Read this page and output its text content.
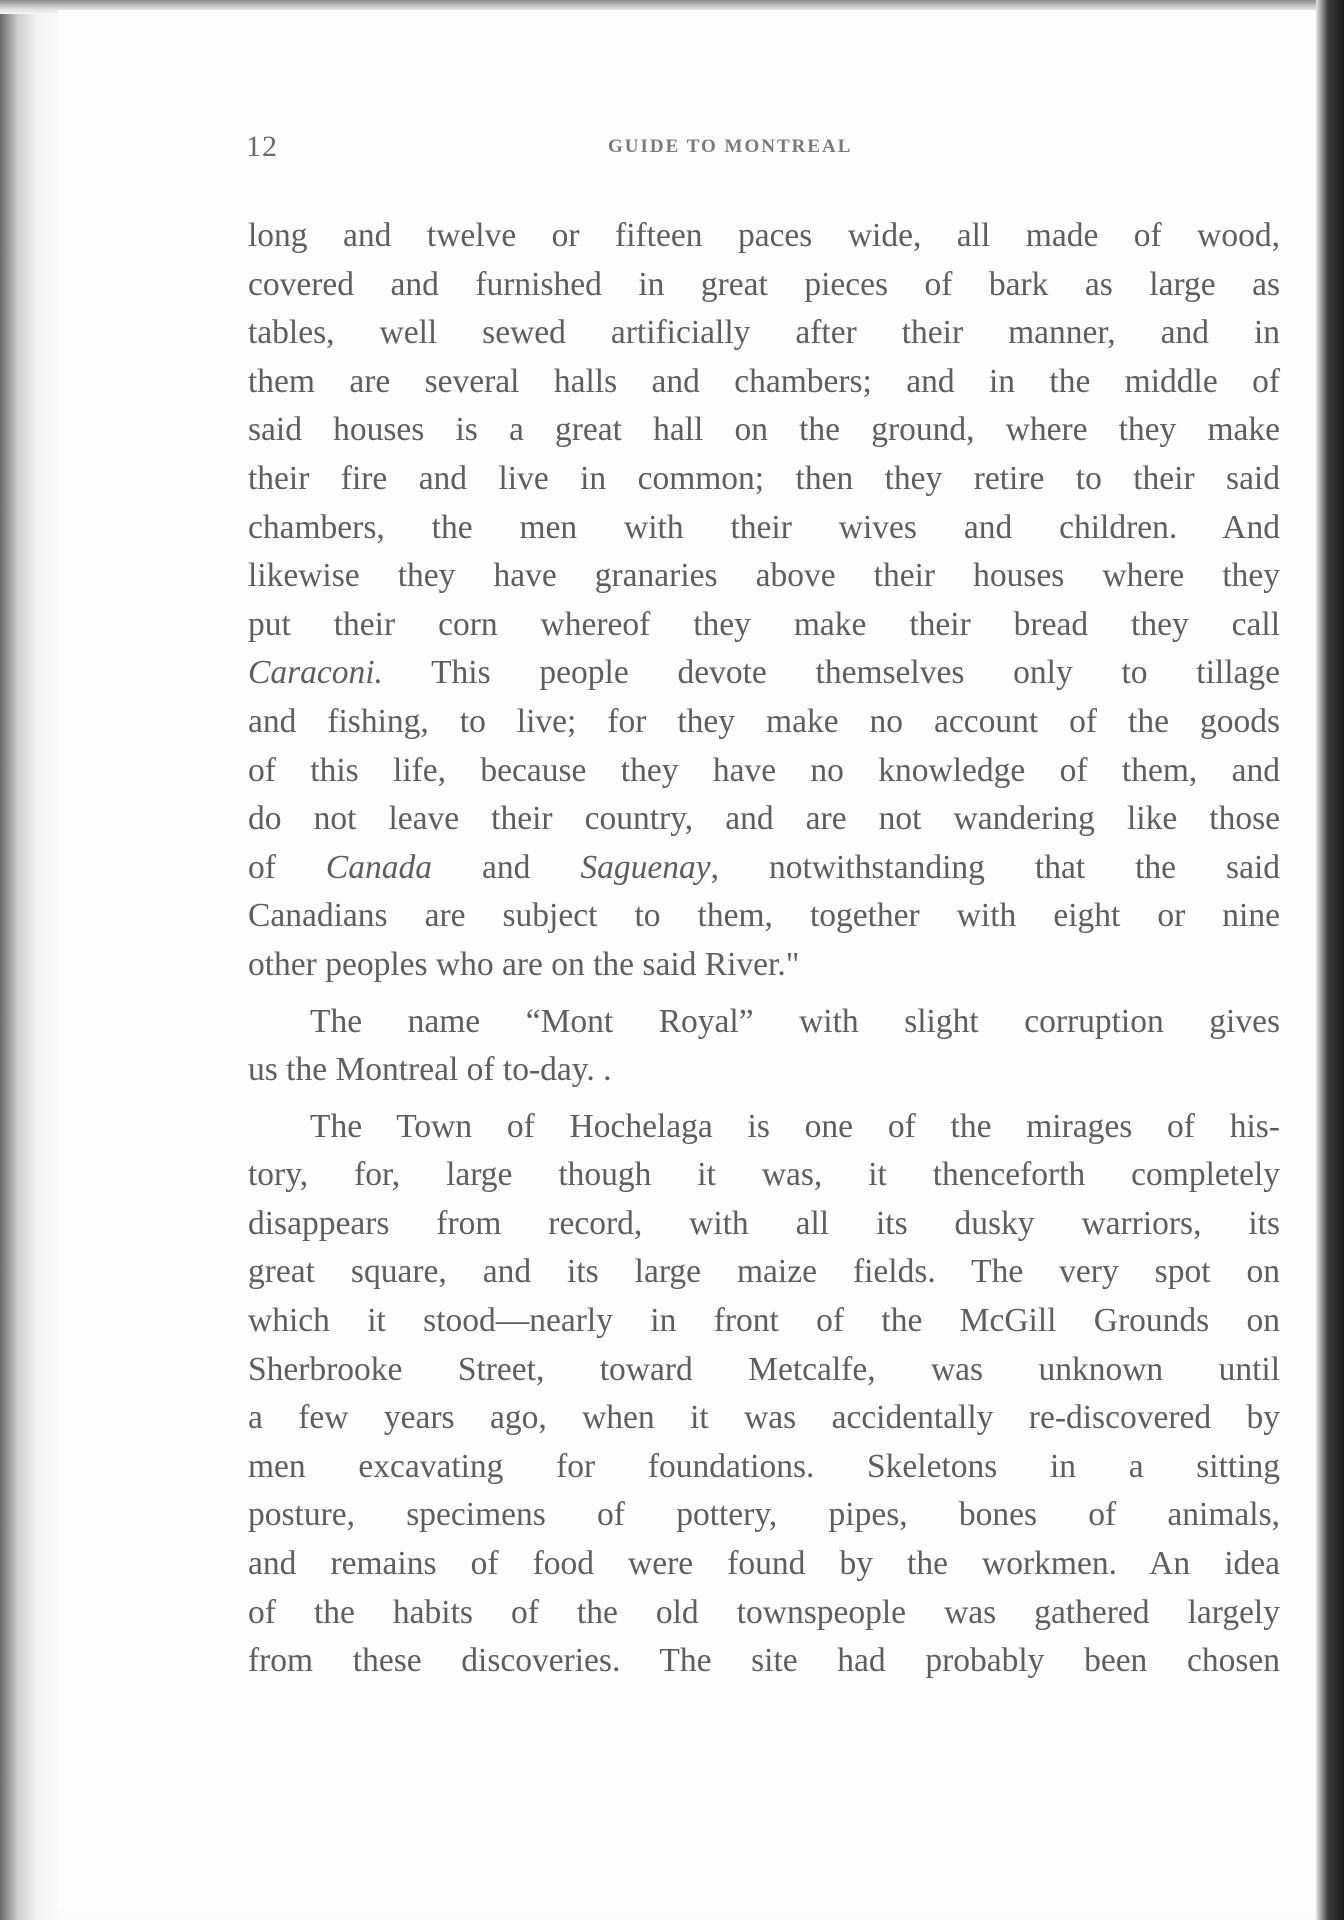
12	GUIDE TO MONTREAL
long and twelve or fifteen paces wide, all made of wood,
covered and furnished in great pieces of bark as large as
tables, well sewed artificially after their manner, and in
them are several halls and chambers; and in the middle of
said houses is a great hall on the ground, where they make
their fire and live in common; then they retire to their said
chambers, the men with their wives and children. And
likewise they have granaries above their houses where they
put their corn whereof they make their bread they call
Caraconi. This people devote themselves only to tillage
and fishing, to live; for they make no account of the goods
of this life, because they have no knowledge of them, and
do not leave their country, and are not wandering like those
of Canada and Saguenay, notwithstanding that the said
Canadians are subject to them, together with eight or nine
other peoples who are on the said River."
The name “Mont Royal” with slight corruption gives
us the Montreal of to-day. .
The Town of Hochelaga is one of the mirages of his-
tory, for, large though it was, it thenceforth completely
disappears from record, with all its dusky warriors, its
great square, and its large maize fields. The very spot on
which it stood—nearly in front of the McGill Grounds on
Sherbrooke Street, toward Metcalfe, was unknown until
a few years ago, when it was accidentally re-discovered by
men excavating for foundations. Skeletons in a sitting
posture, specimens of pottery, pipes, bones of animals,
and remains of food were found by the workmen. An idea
of the habits of the old townspeople was gathered largely
from these discoveries. The site had probably been chosen
